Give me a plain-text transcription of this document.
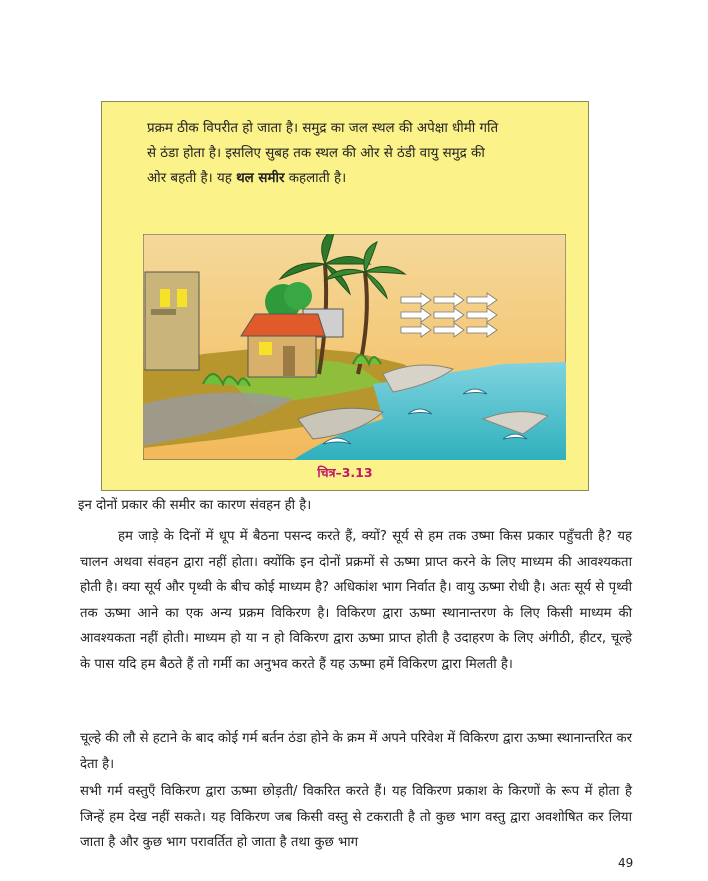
प्रक्रम ठीक विपरीत हो जाता है। समुद्र का जल स्थल की अपेक्षा धीमी गति
से ठंडा होता है। इसलिए सुबह तक स्थल की ओर से ठंडी वायु समुद्र की
ओर बहती है। यह थल समीर कहलाती है।
चित्र–3.13
इन दोनों प्रकार की समीर का कारण संवहन ही है।
हम जाड़े के दिनों में धूप में बैठना पसन्द करते हैं, क्यों? सूर्य से हम तक उष्मा किस प्रकार पहुँचती है? यह चालन अथवा संवहन द्वारा नहीं होता। क्योंकि इन दोनों प्रक्रमों से ऊष्मा प्राप्त करने के लिए माध्यम की आवश्यकता होती है। क्या सूर्य और पृथ्वी के बीच कोई माध्यम है? अधिकांश भाग निर्वात है। वायु ऊष्मा रोधी है। अतः सूर्य से पृथ्वी तक ऊष्मा आने का एक अन्य प्रक्रम विकिरण है। विकिरण द्वारा ऊष्मा स्थानान्तरण के लिए किसी माध्यम की आवश्यकता नहीं होती। माध्यम हो या न हो विकिरण द्वारा ऊष्मा प्राप्त होती है उदाहरण के लिए अंगीठी, हीटर, चूल्हे के पास यदि हम बैठते हैं तो गर्मी का अनुभव करते हैं यह ऊष्मा हमें विकिरण द्वारा मिलती है।
चूल्हे की लौ से हटाने के बाद कोई गर्म बर्तन ठंडा होने के क्रम में अपने परिवेश में विकिरण द्वारा ऊष्मा स्थानान्तरित कर देता है।
सभी गर्म वस्तुएँ विकिरण द्वारा ऊष्मा छोड़ती/ विकरित करते हैं। यह विकिरण प्रकाश के किरणों के रूप में होता है जिन्हें हम देख नहीं सकते। यह विकिरण जब किसी वस्तु से टकराती है तो कुछ भाग वस्तु द्वारा अवशोषित कर लिया जाता है और कुछ भाग परावर्तित हो जाता है तथा कुछ भाग
49
